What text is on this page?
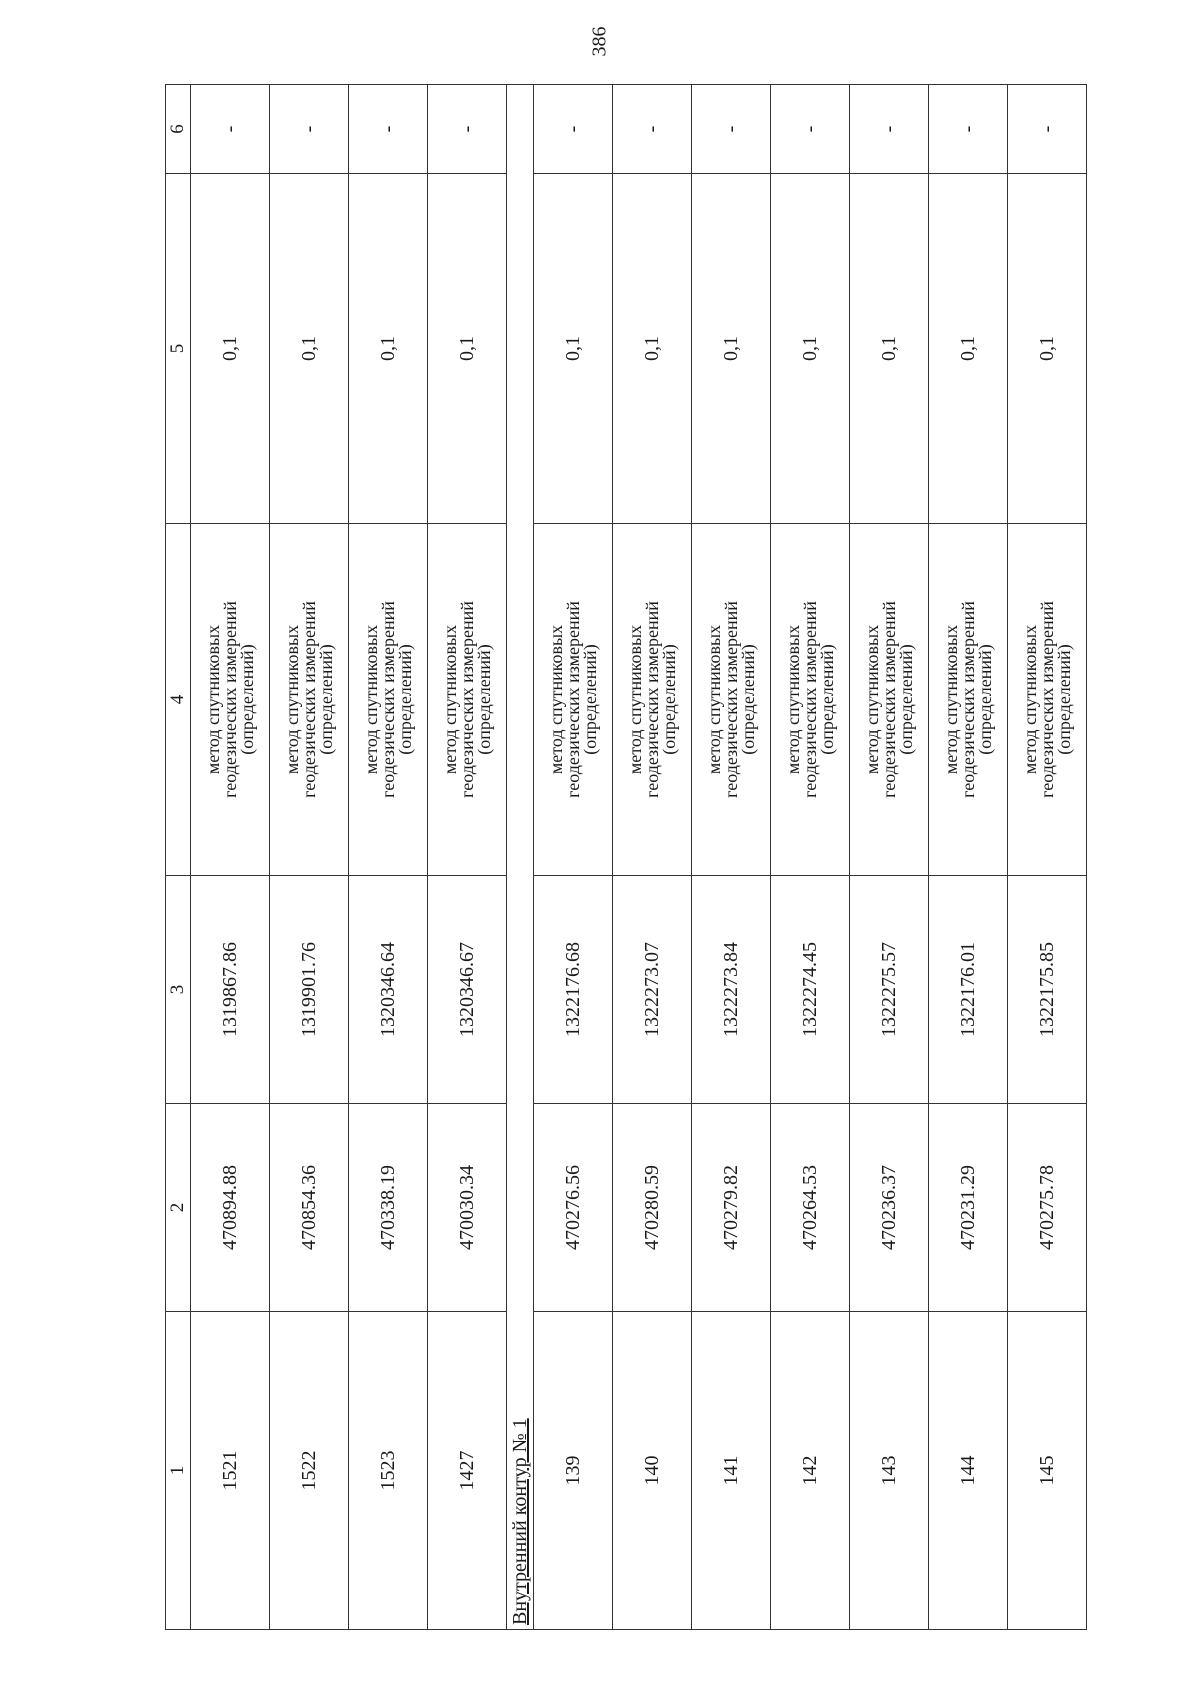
386
1	2	3	4	5	6
1521	470894.88	1319867.86	метод спутниковых
геодезических измерений
(определений)	0,1	-
1522	470854.36	1319901.76	метод спутниковых
геодезических измерений
(определений)	0,1	-
1523	470338.19	1320346.64	метод спутниковых
геодезических измерений
(определений)	0,1	-
1427	470030.34	1320346.67	метод спутниковых
геодезических измерений
(определений)	0,1	-
Внутренний контур № 1					
139	470276.56	1322176.68	метод спутниковых
геодезических измерений
(определений)	0,1	-
140	470280.59	1322273.07	метод спутниковых
геодезических измерений
(определений)	0,1	-
141	470279.82	1322273.84	метод спутниковых
геодезических измерений
(определений)	0,1	-
142	470264.53	1322274.45	метод спутниковых
геодезических измерений
(определений)	0,1	-
143	470236.37	1322275.57	метод спутниковых
геодезических измерений
(определений)	0,1	-
144	470231.29	1322176.01	метод спутниковых
геодезических измерений
(определений)	0,1	-
145	470275.78	1322175.85	метод спутниковых
геодезических измерений
(определений)	0,1	-
